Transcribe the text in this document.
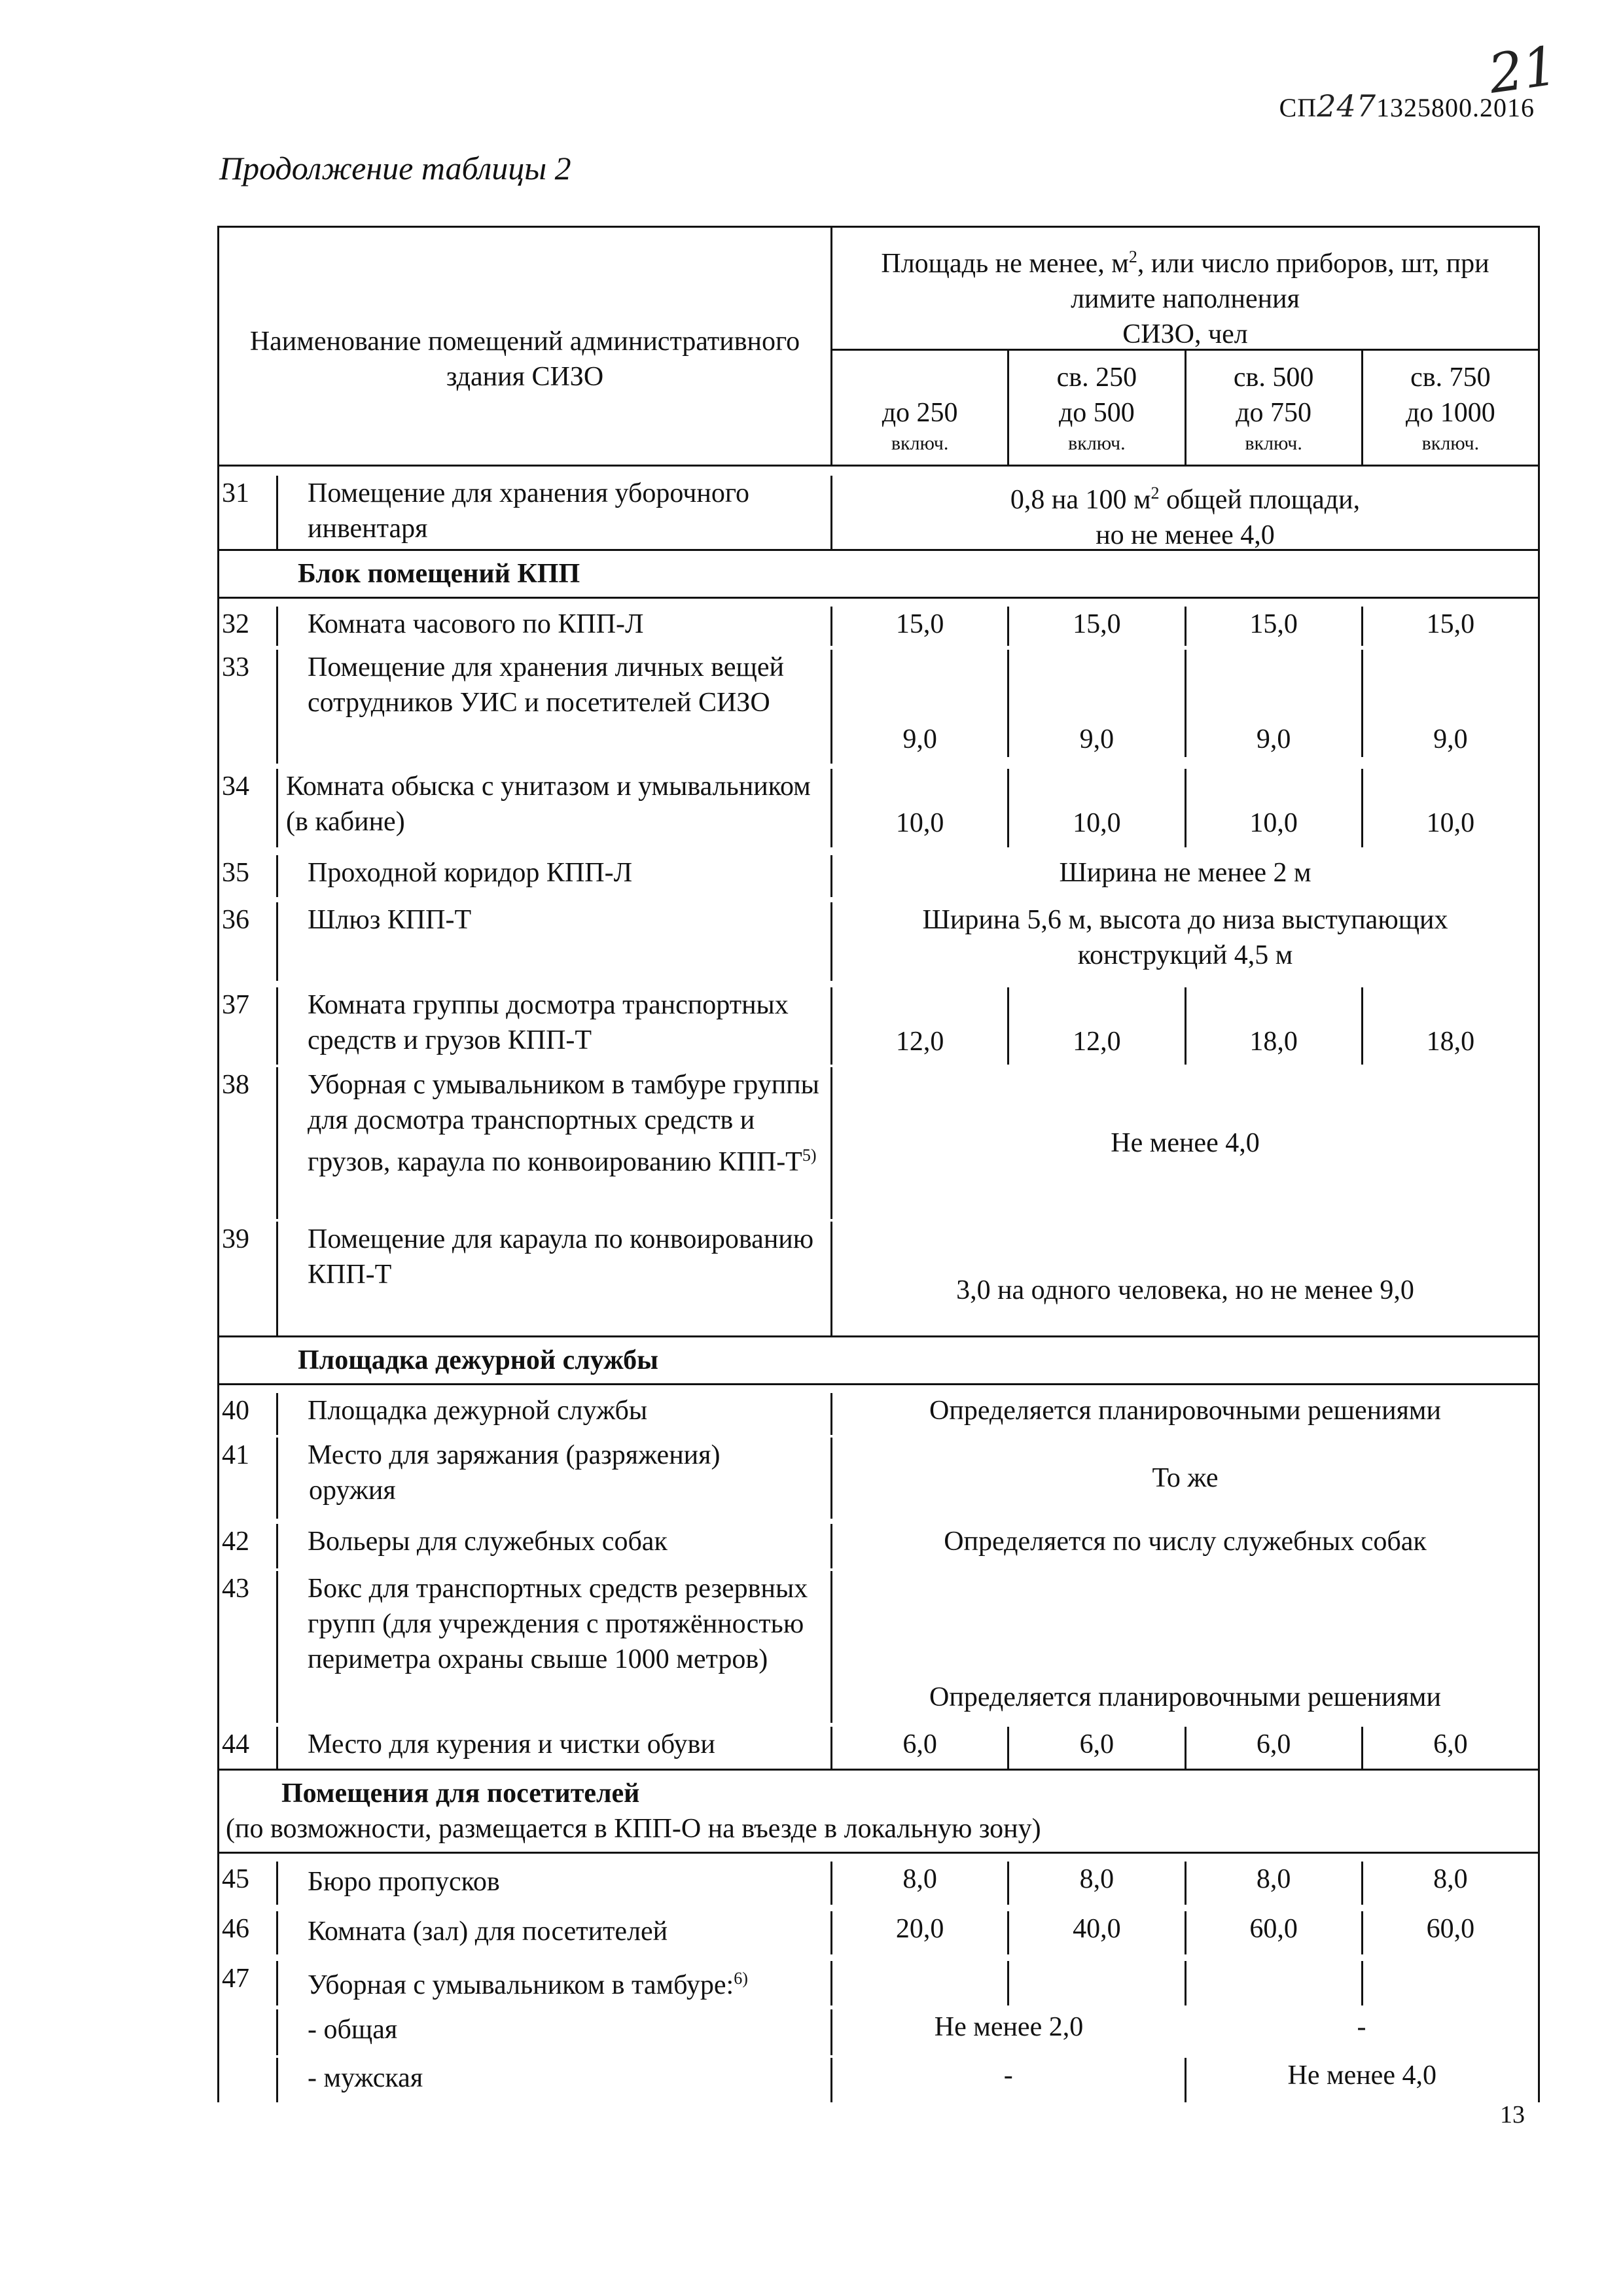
21
СП2471325800.2016
Продолжение таблицы 2
Наименование помещений административного здания СИЗО
Площадь не менее, $м^2$, или число приборов, шт, при
лимите наполнения
СИЗО, чел
до 250
включ.
св. 250
до 500
включ.
св. 500
до 750
включ.
св. 750
до 1000
включ.
31	Помещение для хранения уборочного инвентаря
0,8 на 100 $м^2$ общей площади,
но не менее 4,0
Блок помещений КПП
32	Комната часового по КПП-Л	15,0	15,0	15,0	15,0
33	Помещение для хранения личных вещей сотрудников УИС и посетителей СИЗО
9,0	9,0	9,0	9,0
34	Комната обыска с унитазом и умывальником (в кабине)	10,0	10,0	10,0	10,0
35	Проходной коридор КПП-Л	Ширина не менее 2 м
36	Шлюз КПП-Т	Ширина 5,6 м, высота до низа выступающих конструкций 4,5 м
37	Комната группы досмотра транспортных средств и грузов КПП-Т	12,0	12,0	18,0	18,0
38	Уборная с умывальником в тамбуре группы для досмотра транспортных средств и грузов, караула по конвоированию КПП-$Т^{5)}$	Не менее 4,0
39	Помещение для караула по конвоированию
КПП-Т
3,0 на одного человека, но не менее 9,0
Площадка дежурной службы
40	Площадка дежурной службы	Определяется планировочными решениями
41	Место для заряжания (разряжения)
оружия	То же
42	Вольеры для служебных собак	Определяется по числу служебных собак
43	Бокс для транспортных средств резервных групп (для учреждения с протяжённостью периметра охраны свыше 1000 метров)
Определяется планировочными решениями
44	Место для курения и чистки обуви	6,0	6,0	6,0	6,0
Помещения для посетителей
(по возможности, размещается в КПП-О на въезде в локальную зону)
45	Бюро пропусков	8,0	8,0	8,0	8,0
46	Комната (зал) для посетителей	20,0	40,0	60,0	60,0
47	Уборная с умывальником в тамбуре:$^{6)}$
- общая	Не менее 2,0	-
- мужская	-	Не менее 4,0
13
